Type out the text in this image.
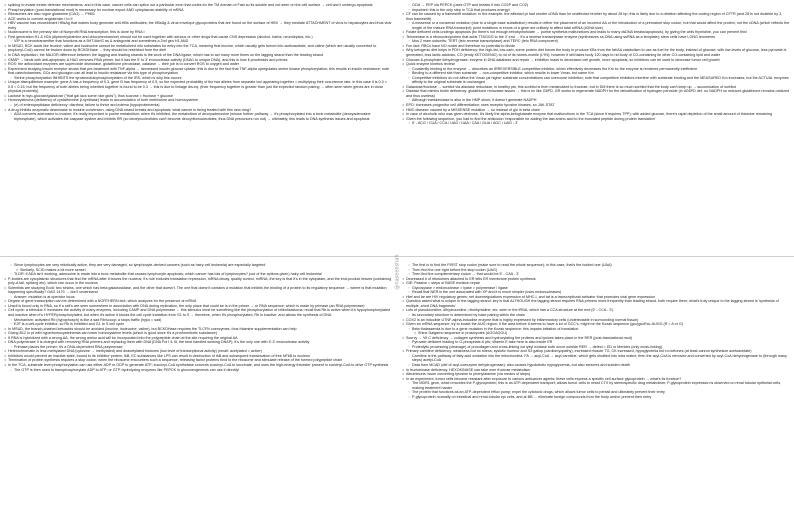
• splicing to evade innate defense mechanisms, and in this case, cancer cells can splice out a particular exon that codes for the TM domain of Fast so its soluble and not seen on the cell surface → cell won't undergo apoptosis
• Phosphorylation (post-translational mod) is necessary for nuclear export AND cytoplasmic stability of mRNA
• Ribosomes are also rogue glutamine (CAG) → PHB1
• ACE works to convert angiotensin I to II
• HBV vaccine has recombinant HBsAg that makes body generate anti-HBs antibodies; the HBsAg & virus envelope glycoproteins that are found on the surface of HBV → they mediate ATTACHMENT of virus to hepatocytes and thus viral entry
• Nucleosome is the primary site of Nonprofit RNA transcription; this is done by RNA I
• First generation H1 & H2A (diphenhydramine and chlorpheniramine) should not be used together with serious or other drugs that cause CNS depression (alcohol, barbs, neuroleptics, etc.)
◦ VIP is a neurotransmitter that functions as a 5HT-like/G αs & antagonist and sometimes a 2nd gen H1 AND
• In MSUD, BCK acids like leucine, valine and isoleucine cannot be metabolized into substrates for entry into the TCA, meaning that leucine, which usually gets turned into acetoacetate, and valine (which are usually converted to propionyl-CoA) cannot be broken down by BCKDH/ase → they should be restricted from the diet!
• In DNA replication, the MAJOR difference between the lagging and leading strands is the work of the DNA ligase, which has to act many more times on the lagging strand than the leading strand
• GMAP → binds with anti-apoptosis; A H&G removes RNA primer, but it has the 5' to 3' exonuclease activity (DNA1 to unique DNA), and this is how it proofreads and primes
• ROS: the antioxidant enzymes are superoxide dismutase, glutathione peroxidase, catalase → their job is to convert ROS to oxygen and water
• Experiment studying insulin receptor shows that pre-treatment with TNF-alpha → decreased insulin glucose uptake: this is due to the fact that TNF-alpha upregulates serine kinase phosphorylation; this results in insulin resistance; note that catecholamines, GCs and glucagon can all lead to insulin resistance via this type of phosphorylation
◦ Serine phosphorylation INHIBITS the tyrosine/autophosphorylation of the IRS, which is why this occurs
• Unique disequilibrium example: gene A has a frequency of 0.3, gene B has frequency of 0.5, so the expected probability of the two alleles from separate loci appearing together = multiplying their occurrence rate, in this case it is 0.3 × 0.5 = 0.15, but the frequency of both alleles being inherited together is found to be 0.3 → this is due to linkage dis-eq. (their frequency together is greater than just the expected random pairing → often seen when genes are in close physical proximity)
• Lactose is myo-glucose/galactose ("that gal lacs some nice gluts"), thus sucrose = fructose + glucose
• Homocystinuria (deficiency of cystathionine β-synthase) leads to accumulation of both methionine and homocysteine
◦ (e) of enteropeptidase deficiency: diarrhea, failure to thrive and edema (hypoproteinemia)
• A drug inhibits enzymatic deaminase to inosine conversion, using DNA strand breaks and apoptosis; what cancer is being treated with this new drug?
◦ ADA converts adenosine to inosine; it's really important in purine metabolism; when it's inhibited, the metabolism of deoxyadenosine (whose further pathway → it's phosphorylated into a toxic metabolite (deoxyadenosine triphosphate), which activates the caspase system and inhibits RR (so deoxynucleotides can't become deoxyribonucleotides; thus DNA precursors run out) → ultimately, this leads to DNA synthesis issues and apoptosis
◦ OOA → PEP via PEPCK (uses GTP and breaks it into CO2P and CO2)
◦ Important: this is the only step in TCA that produces energy!
• CF can be caused by a frameshift mutation: in the example, the affected pt had shorter cDNA than he unaffected brother by about 28 bp; this is likely due to a deletion affecting the coding region of CFTR (and 28 is not divisible by 3, thus frameshift)
◦ A missense or a nonsense mutation (due to a single base substitution) results in either the placement of an incorrect AA or the introduction of a premature stop codon, but that would affect the protein, not the cDNA (which reflects the length of the mature RNA transcript); point mutations in exons of a gene are unlikely to affect total mRNA (cDNA size)
• Folate deficient cells undergo apoptosis (bc there's not enough tetrahydrofolate → purine synthesis malfunctions and leads to many dsDNA breaks/apoptosis), by giving the cells thymidine, you can prevent this!
• Telomerase is a ribonucleoprotein that adds TTAGGG to the 3' end → it's a reverse transcriptase enzyme (synthesizes ss-DNA using ssRNA as a template); stem cells have LONG telomeres
◦ Mus 2 mam subunits; TERT (telo reverse transcriptase) and TERC (telo RNA component)
• Fun fact: RBCs have NO nuclei and therefore no potential to divide
• Why ketogenic diet helps in PDH deficiency: the high-fat, low-carb, some protein diet forces the body to produce KBs from the fat/AA catabolism to use as fuel for the body, instead of glucose; with low levels of glucose, less pyruvate is generated, less lactic acidosis; CO (lendy KETOGENIC) to rid of its harms-mobile (LYN); however it still takes body 120 days to rid body of CO-containing ite other CO-containing lipid and water
• Glucose-6-phosphate dehydrogenase: enzyme in DNA database and repair → inhibition leads to decreased cell growth, more apoptosis; so inhibitors can be used to decrease tumor cell growth
• Quick enzyme kinetics review:
◦ Covalently binding to the enzyme → describes an IRREVERSIBLE competitive inhibitor, which effectively decreases the Km bc the enzyme is rendered permanently ineffective
◦ Binding to a different site than substrate → non-competitive inhibitor, which results in lower Vmax, but same Km
◦ Competitive inhibitors do not affect the Vmax (at higher substrate concentrations can overcome inhibition; note that competitive inhibitors interfere with substrate binding and the MEASURED Km increases, but the ACTUAL enzymes affinity to the original substrate is unchanged
• Galactose/fructose → sorbitol via aldolase reductase; in healthy pts, this sorbitol is then metabolized to fructose, but in DM there is so much sorbitol that the body can't keep up → accumulation of sorbitol
• Disease that mimics biotin deficiency: glutathione reductase issues → this is bc like G6PD, GR works to regenerate NADPH for the detoxification of hydrogen peroxide (in dG6PD def, no NADPH so reduced glutathione remains oxidized and thus useless)
◦ Although transketolase is also in the HMP shunt, it doesn't generate NADPH
• EPO: increases progenitor cell differentiation; uses receptor tyrosine kinases, so JAK-STAT
• HMC disease: caused by a MISSENSE mutation → so instead of glu in beta chain
• In case of alcoholic who was given dextrose, it's likely the alpha-ketoglutarate enzyme that malfunctions in the TCA (since it requires TPP); with added glucose, there's rapid depletion of the small amount of thiamine remaining
• Given the following sequence, you had to find the anticodon 'responsible for adding the last amino acid to the truncated peptide during protein translation'
◦ 5' - ACG / CUA / CCA / UAG / UAA / CAA / GUA / AGC / UAG - 3'
◦ Since lymphocytes are very mitotically active, they are very damaged, so lymphocyte-derived cancers (such as hairy cell leukemia) are especially targeted
▪ Similarly, SCID makes a lot more sense!
◦ TLDR: if ADA isn't working, adenosine is made into a toxic metabolite that causes lymphocyte apoptosis; which cancer has lots of lymphocytes? (out of the options given) hairy cell leukemia!
• P-bodies are cytoplasmic structures that find the mRNA after it leaves the nucleus; it's role includes translation repression, mRNA decay, quality control, miRNA; the key is that it's in the cytoplasm, and the end-product leaves (containing poly-A tail, splicing etc), which can occur in the nucleus
• Scientists are studying Ecoli: two strains, one which has beta galactosidase, and the other that doesn't. The one that doesn't contains a mutation that inhibits the binding of a protein to its regulatory sequence → where is that mutation happening specifically? GAG 1479 → don't understand
◦ Answer: mutation is at operator locus
• Degree of gene transcription can be determined with a NORTHERN blot, which analyzes for the presence of mRNA
• Uracil is found only in RNA, so if a cell's are seen somewhere in association with DNA during replication, the only place that could be is in the primer → or RNA sequence, which is made by primase (an RNA polymerase)
• Cell cycle: a stimulus X increases the activity of many enzymes, including CAMP and DNA polymerase → this stimulus must be something like the phosphorylation of retinoblastoma; recall that Rb is active when it's hypophosphorylated and inactive when it's HYPERphosphorylated, but when it's active it blocks the cell cycle transition from G1 to S → therefore, when it's phosphorylated, Rb is inactive, and allows the synthesis of DNA
◦ Mechanism: activated Rb (hypophosph) is like a sad Rb/scoop: a stops traffic (hypo = sad)
◦ E2F is a cell-cycle inhibitor, so Rb is inhibited and G1 to S cell cycle
• In MSUD, the branch-chained ketoacids should be avoided (leucine, isoleucine, valine), but BCKDHase requires the TLCFN coenzymes, thus thiamine supplementation can help
• Giving B12 in pt with hyperhomocysteinemia can lower homocysteine levels (which is good since it's a prothrombotic substance)
• If RNA is hybridized with a wrong AA, the wrong amino acid will be incorporated into the polypeptide chain at the site requiring the original AA
• DNA polymerase II is charged with removing RNA primers and replacing them with DNA (DNA Pol I & III, the best handled working DNAP); it's the only one with 5'-3' exonuclease activity
◦ Primase places the primer; it's a DNA-dependent RNA polymerase
• Heterochromatin is less methylated DNA (cytosine → methylated) and deacetylated histones (low level of transcriptional activity) (recall: acetylated = active)
• Inhibitors would prevent an inactive state, bound to its inhibitor protein, IkB, EC substances like LPS can result in destruction of IkB and subsequent translocation of free NFkB to nucleus
• Termination of protein synthesis requires a stop codon; when the ribosome encounters such a sequence, releasing factor proteins bind to the ribosome and stimulate release of the formed polypeptide chain
• In the TCA, substrate level phosphorylation can use either ADP or GDP to generate ATP; succinyl-CoA synthetase converts succinyl-CoA to succinate, and uses the high-energy thioester present in succinyl-CoA to drive GTP synthesis
◦ The GTP is then used to transphosphorylate ADP to ATP; or GTP-hydrolyzing enzymes like PEPCK in gluconeogenesis can use it directly!
◦ The first is to find the FIRST stop codon (make sure to read the whole sequence); in this case, that's the bolded one (UAA)
◦ Then find the one right before the stop codon (UAG)
◦ Then find the complementary codon → that would be 5' - CAA - 3'
• Decreased # of ribosomes attached to ER tells ER membrane protein synthesis
• GlE: Passive = steps of BASE excision repair
◦ Glycosylase > endonuclease > lyase > polymerase / ligase
◦ Recall that NER is the one associated with XP and it is much simpler (uses endonucleases)
• Hief and lar are HIV regulatory genes; nef downregulations expression of MHC-I, and tat is a transcriptional activator that promotes viral gene expression
• Question asked what is unique to the lagging strand: key is that ALTHOUGH the lagging strand requires RNA primers more frequently than leading strand, both require them; what's truly unique to the lagging strand is 'synthesis of multiple, short DNA fragments'
• Lots of pseudouridine, dihydrouridine, ribothymidine, etc. seen in the tRNA, which has a CCA structure at the end (5' - CCA - 3')
◦ Its secondary structure is determined by base pairing within the chain
• COX2 is an inducible UTNF-alpha-inducible enzyme that is highly expressed by inflammatory cells (undetectable in surrounding normal tissue)
• Given an mRNA sequence, try to locate the AUG region; if the area before it seems to have a lot of GCC's, might be the Kozak sequence (gcc)gccRcc-AUGG (R = A or G)
◦ Beta thalassemia is due to a gene mutation in the Kozak sequence: this impairs initiation of translation
▪ Shine Dalgarno sequence in prokaryotes (AGGAGGU)
• Scurvy → Vit C deficiency → collagen synthesis and hydroxylating the prolines and lysines takes place in the RER (post-translational mod)
◦ Pyruvate deficient leading to G-phosphate-6 pts; Vitamin E take here is also inside ER
◦ Proteolytic processing (cleavage) of procollagen and cross-linking via lysyl oxidase both occur outside RER → defect = ED or Menkes (only cross-linking)
• Primary carnitine deficiency: weakness but no stress; systolic murmur and S3 gallop (cardiomyopathy), increased muscle TG, CK increased, hypoglycemia but no ketones (at least cannot synthesize acetoacetate)
◦ Carnitine is the pathway of fatty acid oxidation into the mitochondria: FA → acyl-CoA → acyl-carnitine, which gets shuttled into intra matrix; then the acyl-CoA is removed and converted by acyl-CoA dehydrogenase to (through many steps) acetyl-CoA
◦ Data from MCAD (def of acyl-coenzyme dehydrogenase): also causes hypoketotic hypoglycemia, but also seizures and sudden death
• In fructokinase deficiency, HEXOKINASE can take over fructose metabolism
• Albuminuria; issue converting tyrosine to phenylalanine (via means of steps)
• In an experiment, tumor cells become resistant after exposure to various anticancer agents; these cells express a specific cell surface glycoprotein → what's its function?
◦ The MDR1 gene, which encodes the P-glycoprotein; this is an ATP-dependent transport; allows tumor cells to resist CTX by stereospecific drug metabolism; P-glycoprotein expression is observed on renal tubular epithelial cells, making treatment harder
◦ The protein that functions as an ATP-dependent efflux pump; expel the cytotoxic drugs, which allows tumor cells to persist and ultimately prevent their entry
◦ P-glycoprotein normally on intestinal and renal tubular epi cells, and at BB → eliminate foreign compounds from the body and/or prevent their entry
@haseebshah
